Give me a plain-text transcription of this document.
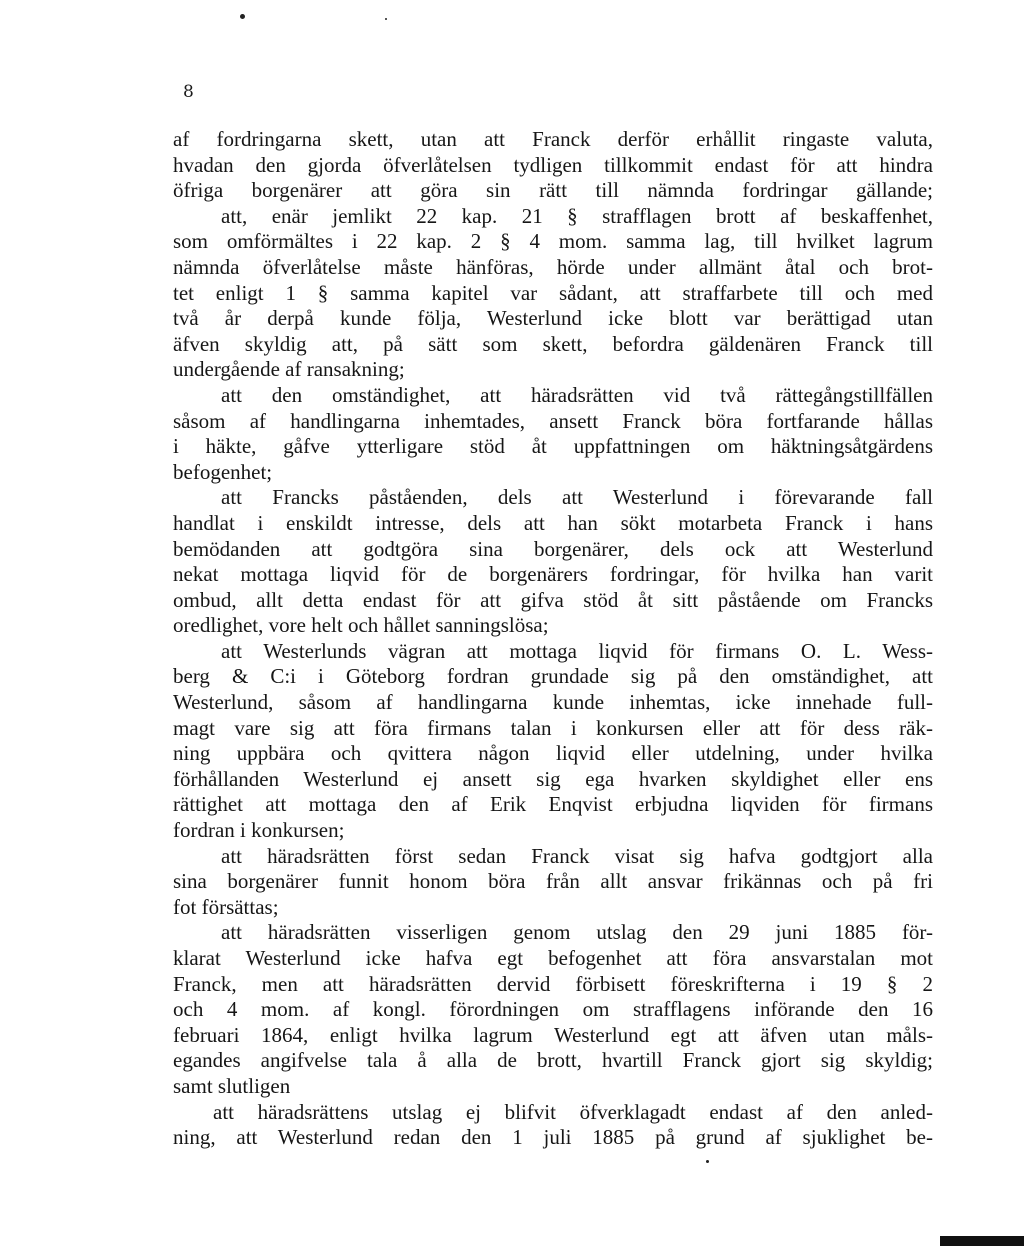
8
af fordringarna skett, utan att Franck derför erhållit ringaste valuta,
hvadan den gjorda öfverlåtelsen tydligen tillkommit endast för att hindra
öfriga borgenärer att göra sin rätt till nämnda fordringar gällande;
att, enär jemlikt 22 kap. 21 § strafflagen brott af beskaffenhet,
som omförmältes i 22 kap. 2 § 4 mom. samma lag, till hvilket lagrum
nämnda öfverlåtelse måste hänföras, hörde under allmänt åtal och brot-
tet enligt 1 § samma kapitel var sådant, att straffarbete till och med
två år derpå kunde följa, Westerlund icke blott var berättigad utan
äfven skyldig att, på sätt som skett, befordra gäldenären Franck till
undergående af ransakning;
att den omständighet, att häradsrätten vid två rättegångstillfällen
såsom af handlingarna inhemtades, ansett Franck böra fortfarande hållas
i häkte, gåfve ytterligare stöd åt uppfattningen om häktningsåtgärdens
befogenhet;
att Francks påståenden, dels att Westerlund i förevarande fall
handlat i enskildt intresse, dels att han sökt motarbeta Franck i hans
bemödanden att godtgöra sina borgenärer, dels ock att Westerlund
nekat mottaga liqvid för de borgenärers fordringar, för hvilka han varit
ombud, allt detta endast för att gifva stöd åt sitt påstående om Francks
oredlighet, vore helt och hållet sanningslösa;
att Westerlunds vägran att mottaga liqvid för firmans O. L. Wess-
berg & C:i i Göteborg fordran grundade sig på den omständighet, att
Westerlund, såsom af handlingarna kunde inhemtas, icke innehade full-
magt vare sig att föra firmans talan i konkursen eller att för dess räk-
ning uppbära och qvittera någon liqvid eller utdelning, under hvilka
förhållanden Westerlund ej ansett sig ega hvarken skyldighet eller ens
rättighet att mottaga den af Erik Enqvist erbjudna liqviden för firmans
fordran i konkursen;
att häradsrätten först sedan Franck visat sig hafva godtgjort alla
sina borgenärer funnit honom böra från allt ansvar frikännas och på fri
fot försättas;
att häradsrätten visserligen genom utslag den 29 juni 1885 för-
klarat Westerlund icke hafva egt befogenhet att föra ansvarstalan mot
Franck, men att häradsrätten dervid förbisett föreskrifterna i 19 § 2
och 4 mom. af kongl. förordningen om strafflagens införande den 16
februari 1864, enligt hvilka lagrum Westerlund egt att äfven utan måls-
egandes angifvelse tala å alla de brott, hvartill Franck gjort sig skyldig;
samt slutligen
att häradsrättens utslag ej blifvit öfverklagadt endast af den anled-
ning, att Westerlund redan den 1 juli 1885 på grund af sjuklighet be-
